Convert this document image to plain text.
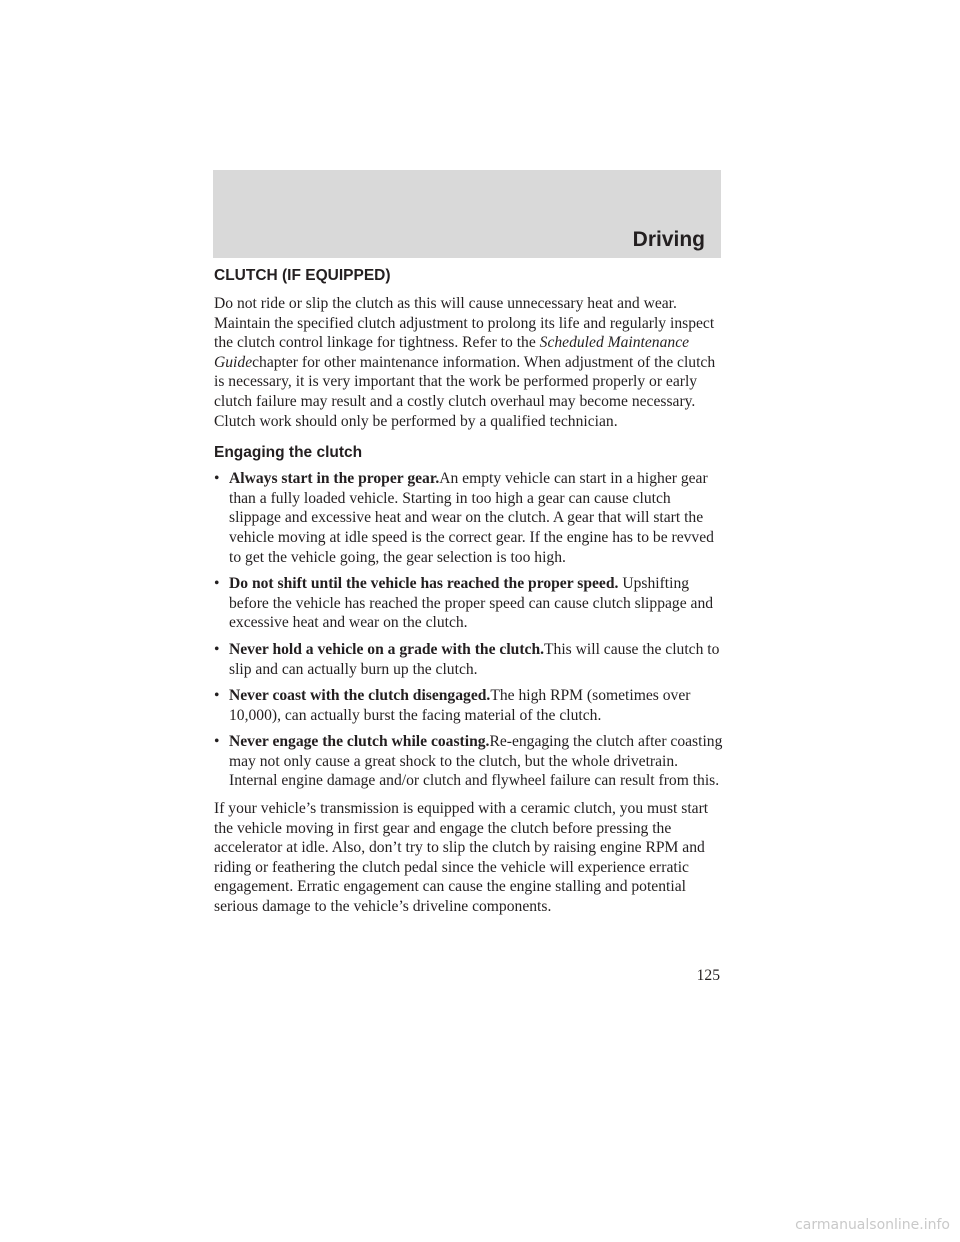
Driving
CLUTCH (IF EQUIPPED)

Do not ride or slip the clutch as this will cause unnecessary heat and wear. Maintain the specified clutch adjustment to prolong its life and regularly inspect the clutch control linkage for tightness. Refer to the Scheduled Maintenance Guidechapter for other maintenance information. When adjustment of the clutch is necessary, it is very important that the work be performed properly or early clutch failure may result and a costly clutch overhaul may become necessary. Clutch work should only be performed by a qualified technician.

Engaging the clutch
• Always start in the proper gear.An empty vehicle can start in a higher gear than a fully loaded vehicle. Starting in too high a gear can cause clutch slippage and excessive heat and wear on the clutch. A gear that will start the vehicle moving at idle speed is the correct gear. If the engine has to be revved to get the vehicle going, the gear selection is too high.
• Do not shift until the vehicle has reached the proper speed. Upshifting before the vehicle has reached the proper speed can cause clutch slippage and excessive heat and wear on the clutch.
• Never hold a vehicle on a grade with the clutch.This will cause the clutch to slip and can actually burn up the clutch.
• Never coast with the clutch disengaged.The high RPM (sometimes over 10,000), can actually burst the facing material of the clutch.
• Never engage the clutch while coasting.Re-engaging the clutch after coasting may not only cause a great shock to the clutch, but the whole drivetrain. Internal engine damage and/or clutch and flywheel failure can result from this.

If your vehicle’s transmission is equipped with a ceramic clutch, you must start the vehicle moving in first gear and engage the clutch before pressing the accelerator at idle. Also, don’t try to slip the clutch by raising engine RPM and riding or feathering the clutch pedal since the vehicle will experience erratic engagement. Erratic engagement can cause the engine stalling and potential serious damage to the vehicle’s driveline components.

125

carmanualsonline.info
